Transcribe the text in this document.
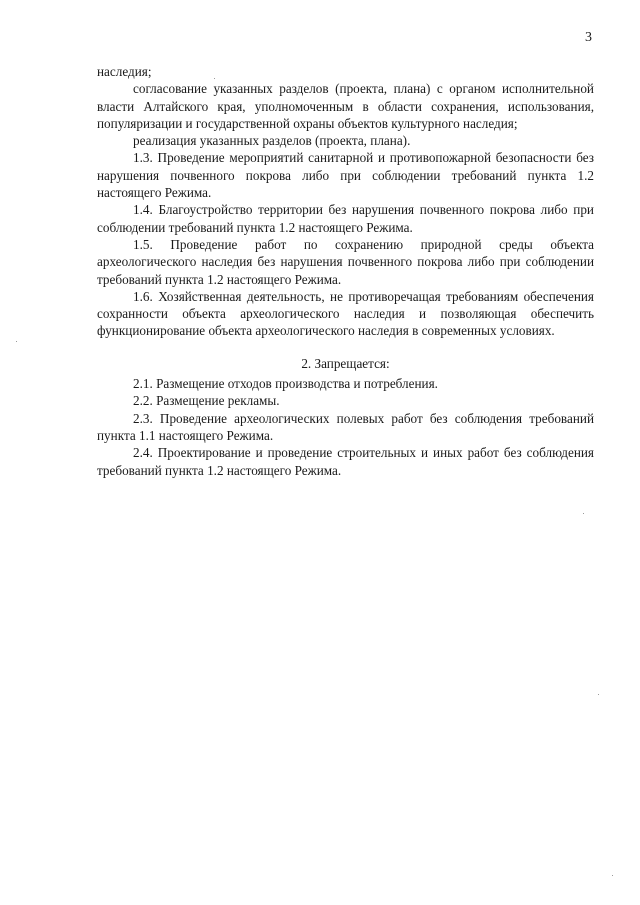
3

наследия;

согласование указанных разделов (проекта, плана) с органом исполнительной власти Алтайского края, уполномоченным в области сохранения, использования, популяризации и государственной охраны объектов культурного наследия;

реализация указанных разделов (проекта, плана).

1.3. Проведение мероприятий санитарной и противопожарной безопасности без нарушения почвенного покрова либо при соблюдении требований пункта 1.2 настоящего Режима.

1.4. Благоустройство территории без нарушения почвенного покрова либо при соблюдении требований пункта 1.2 настоящего Режима.

1.5. Проведение работ по сохранению природной среды объекта археологического наследия без нарушения почвенного покрова либо при соблюдении требований пункта 1.2 настоящего Режима.

1.6. Хозяйственная деятельность, не противоречащая требованиям обеспечения сохранности объекта археологического наследия и позволяющая обеспечить функционирование объекта археологического наследия в современных условиях.

2. Запрещается:

2.1. Размещение отходов производства и потребления.

2.2. Размещение рекламы.

2.3. Проведение археологических полевых работ без соблюдения требований пункта 1.1 настоящего Режима.

2.4. Проектирование и проведение строительных и иных работ без соблюдения требований пункта 1.2 настоящего Режима.
